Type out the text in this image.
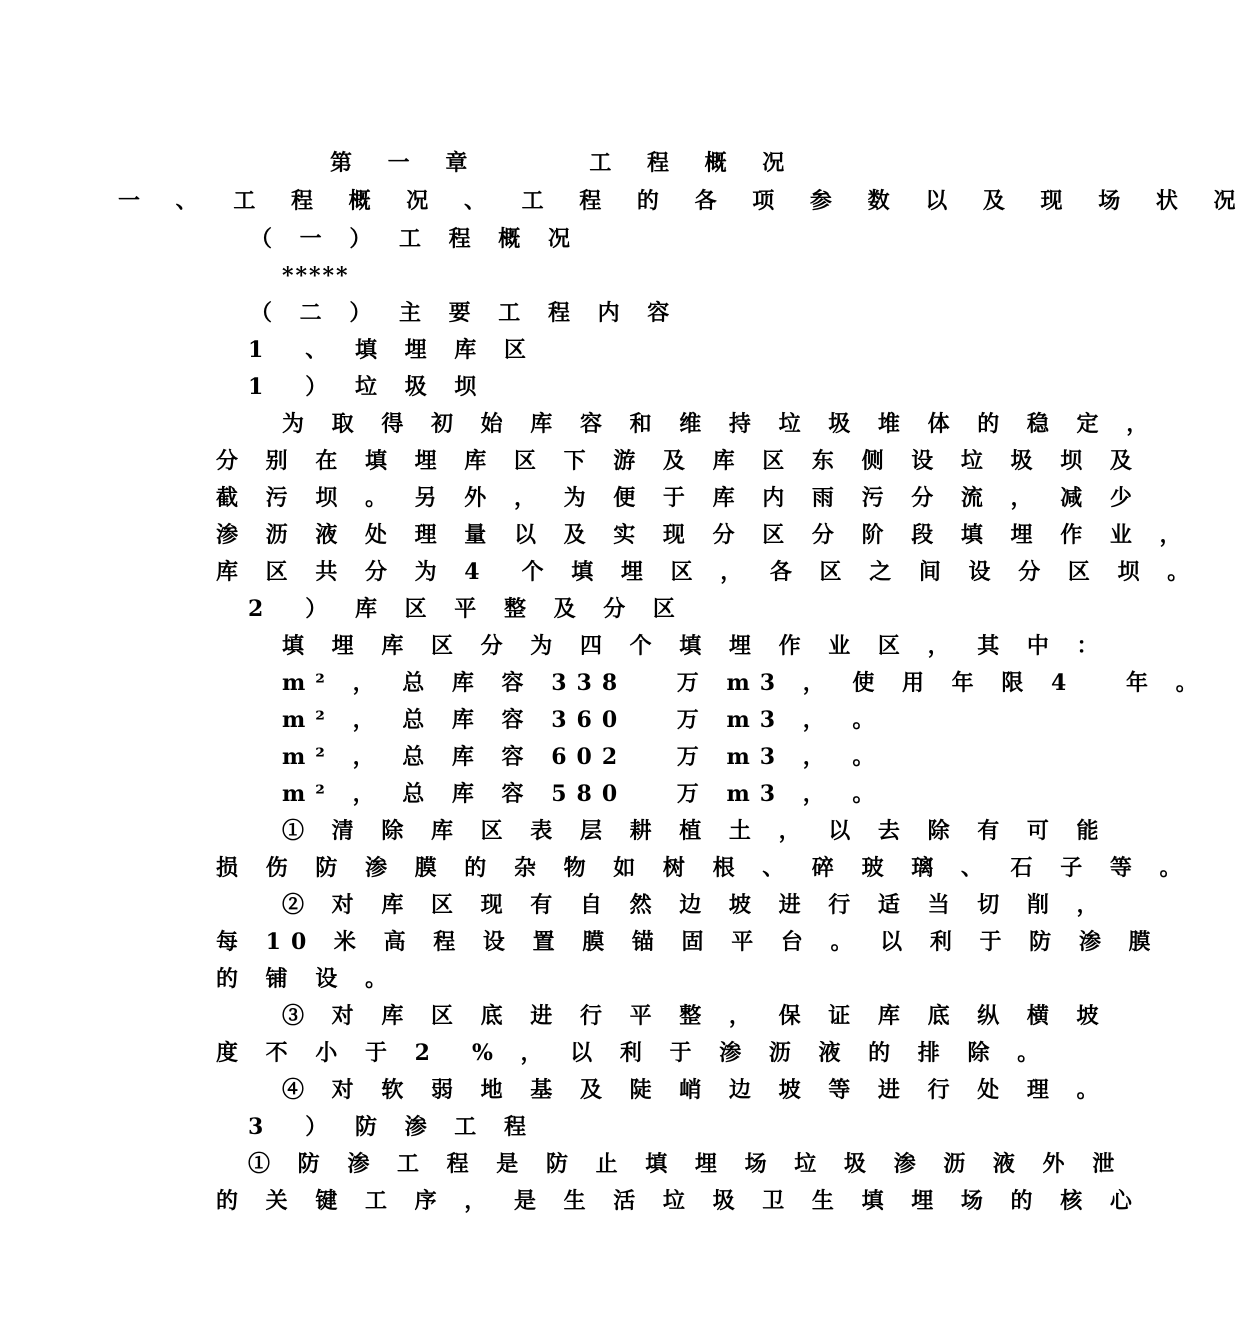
第 一 章　　　工 程 概 况
一 、 工 程 概 况 、 工 程 的 各 项 参 数 以 及 现 场 状 况
（ 一 ） 工 程 概 况
*****
（ 二 ） 主 要 工 程 内 容
1　、 填 埋 库 区
1　） 垃 圾 坝
为 取 得 初 始 库 容 和 维 持 垃 圾 堆 体 的 稳 定 ，
分 别 在 填 埋 库 区 下 游 及 库 区 东 侧 设 垃 圾 坝 及
截 污 坝 。 另 外 ， 为 便 于 库 内 雨 污 分 流 ， 减 少
渗 沥 液 处 理 量 以 及 实 现 分 区 分 阶 段 填 埋 作 业 ，
库 区 共 分 为 4　个 填 埋 区 ， 各 区 之 间 设 分 区 坝 。
2　） 库 区 平 整 及 分 区
填 埋 库 区 分 为 四 个 填 埋 作 业 区 ， 其 中 ：
m² ， 总 库 容 338　 万 m3 ， 使 用 年 限 4　 年 。
m² ， 总 库 容 360　 万 m3 ， 。
m² ， 总 库 容 602　 万 m3 ， 。
m² ， 总 库 容 580　 万 m3 ， 。
① 清 除 库 区 表 层 耕 植 土 ， 以 去 除 有 可 能
损 伤 防 渗 膜 的 杂 物 如 树 根 、 碎 玻 璃 、 石 子 等 。
② 对 库 区 现 有 自 然 边 坡 进 行 适 当 切 削 ，
每 10 米 高 程 设 置 膜 锚 固 平 台 。 以 利 于 防 渗 膜
的 铺 设 。
③ 对 库 区 底 进 行 平 整 ， 保 证 库 底 纵 横 坡
度 不 小 于 2　% ， 以 利 于 渗 沥 液 的 排 除 。
④ 对 软 弱 地 基 及 陡 峭 边 坡 等 进 行 处 理 。
3　） 防 渗 工 程
① 防 渗 工 程 是 防 止 填 埋 场 垃 圾 渗 沥 液 外 泄
的 关 键 工 序 ， 是 生 活 垃 圾 卫 生 填 埋 场 的 核 心
